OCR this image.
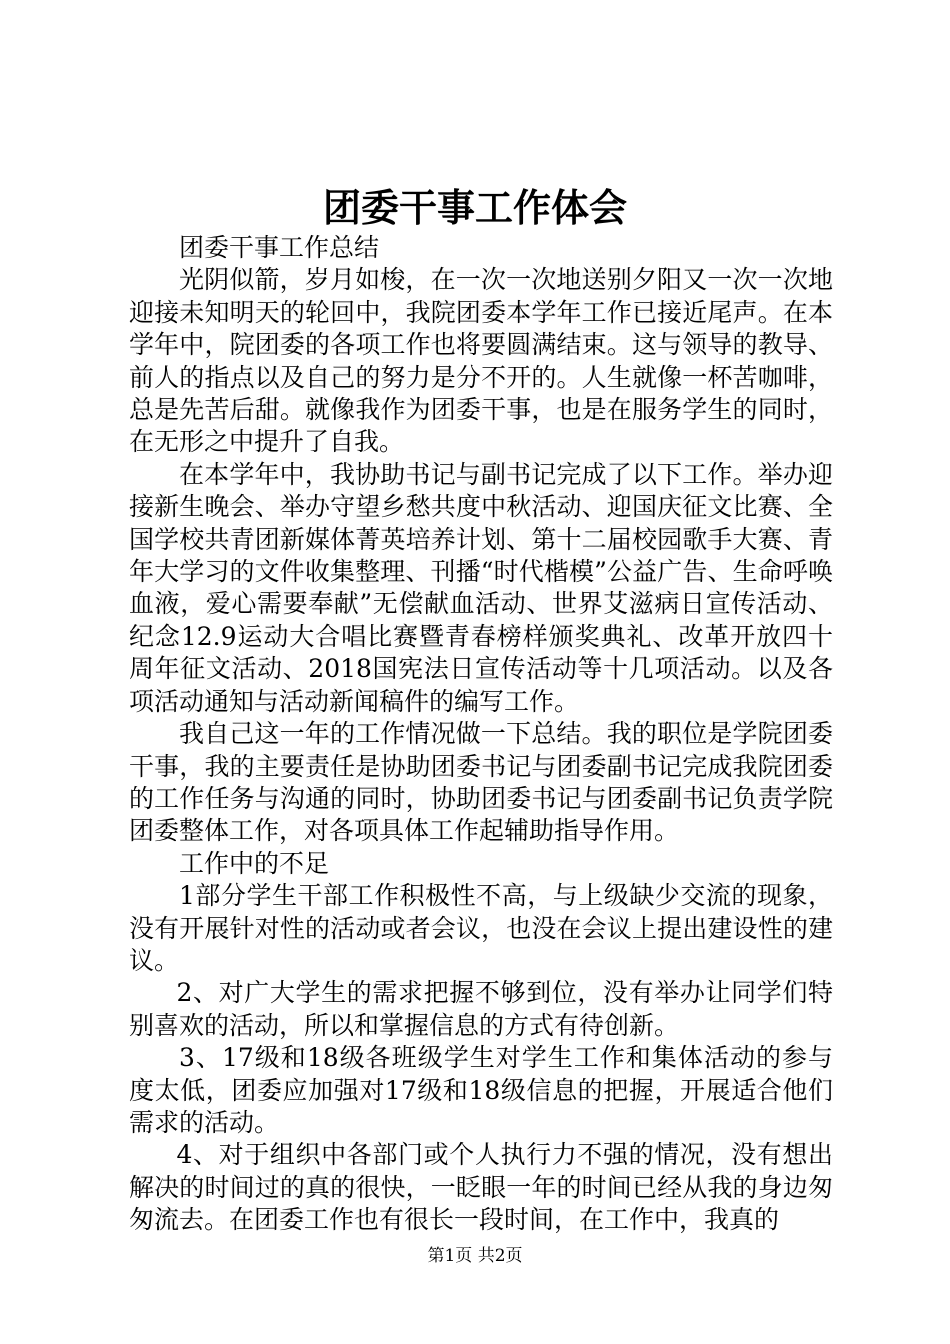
团委干事工作体会

团委干事工作总结

光阴似箭，岁月如梭，在一次一次地送别夕阳又一次一次地迎接未知明天的轮回中，我院团委本学年工作已接近尾声。在本学年中，院团委的各项工作也将要圆满结束。这与领导的教导、前人的指点以及自己的努力是分不开的。人生就像一杯苦咖啡，总是先苦后甜。就像我作为团委干事，也是在服务学生的同时，在无形之中提升了自我。

在本学年中，我协助书记与副书记完成了以下工作。举办迎接新生晚会、举办守望乡愁共度中秋活动、迎国庆征文比赛、全国学校共青团新媒体菁英培养计划、第十二届校园歌手大赛、青年大学习的文件收集整理、刊播“时代楷模”公益广告、生命呼唤血液，爱心需要奉献”无偿献血活动、世界艾滋病日宣传活动、纪念12.9运动大合唱比赛暨青春榜样颁奖典礼、改革开放四十周年征文活动、2018国宪法日宣传活动等十几项活动。以及各项活动通知与活动新闻稿件的编写工作。

我自己这一年的工作情况做一下总结。我的职位是学院团委干事，我的主要责任是协助团委书记与团委副书记完成我院团委的工作任务与沟通的同时，协助团委书记与团委副书记负责学院团委整体工作，对各项具体工作起辅助指导作用。

工作中的不足

1部分学生干部工作积极性不高，与上级缺少交流的现象，没有开展针对性的活动或者会议，也没在会议上提出建设性的建议。

2、对广大学生的需求把握不够到位，没有举办让同学们特别喜欢的活动，所以和掌握信息的方式有待创新。

3、17级和18级各班级学生对学生工作和集体活动的参与度太低，团委应加强对17级和18级信息的把握，开展适合他们需求的活动。

4、对于组织中各部门或个人执行力不强的情况，没有想出解决的时间过的真的很快，一眨眼一年的时间已经从我的身边匆匆流去。在团委工作也有很长一段时间，在工作中，我真的

第1页 共2页
